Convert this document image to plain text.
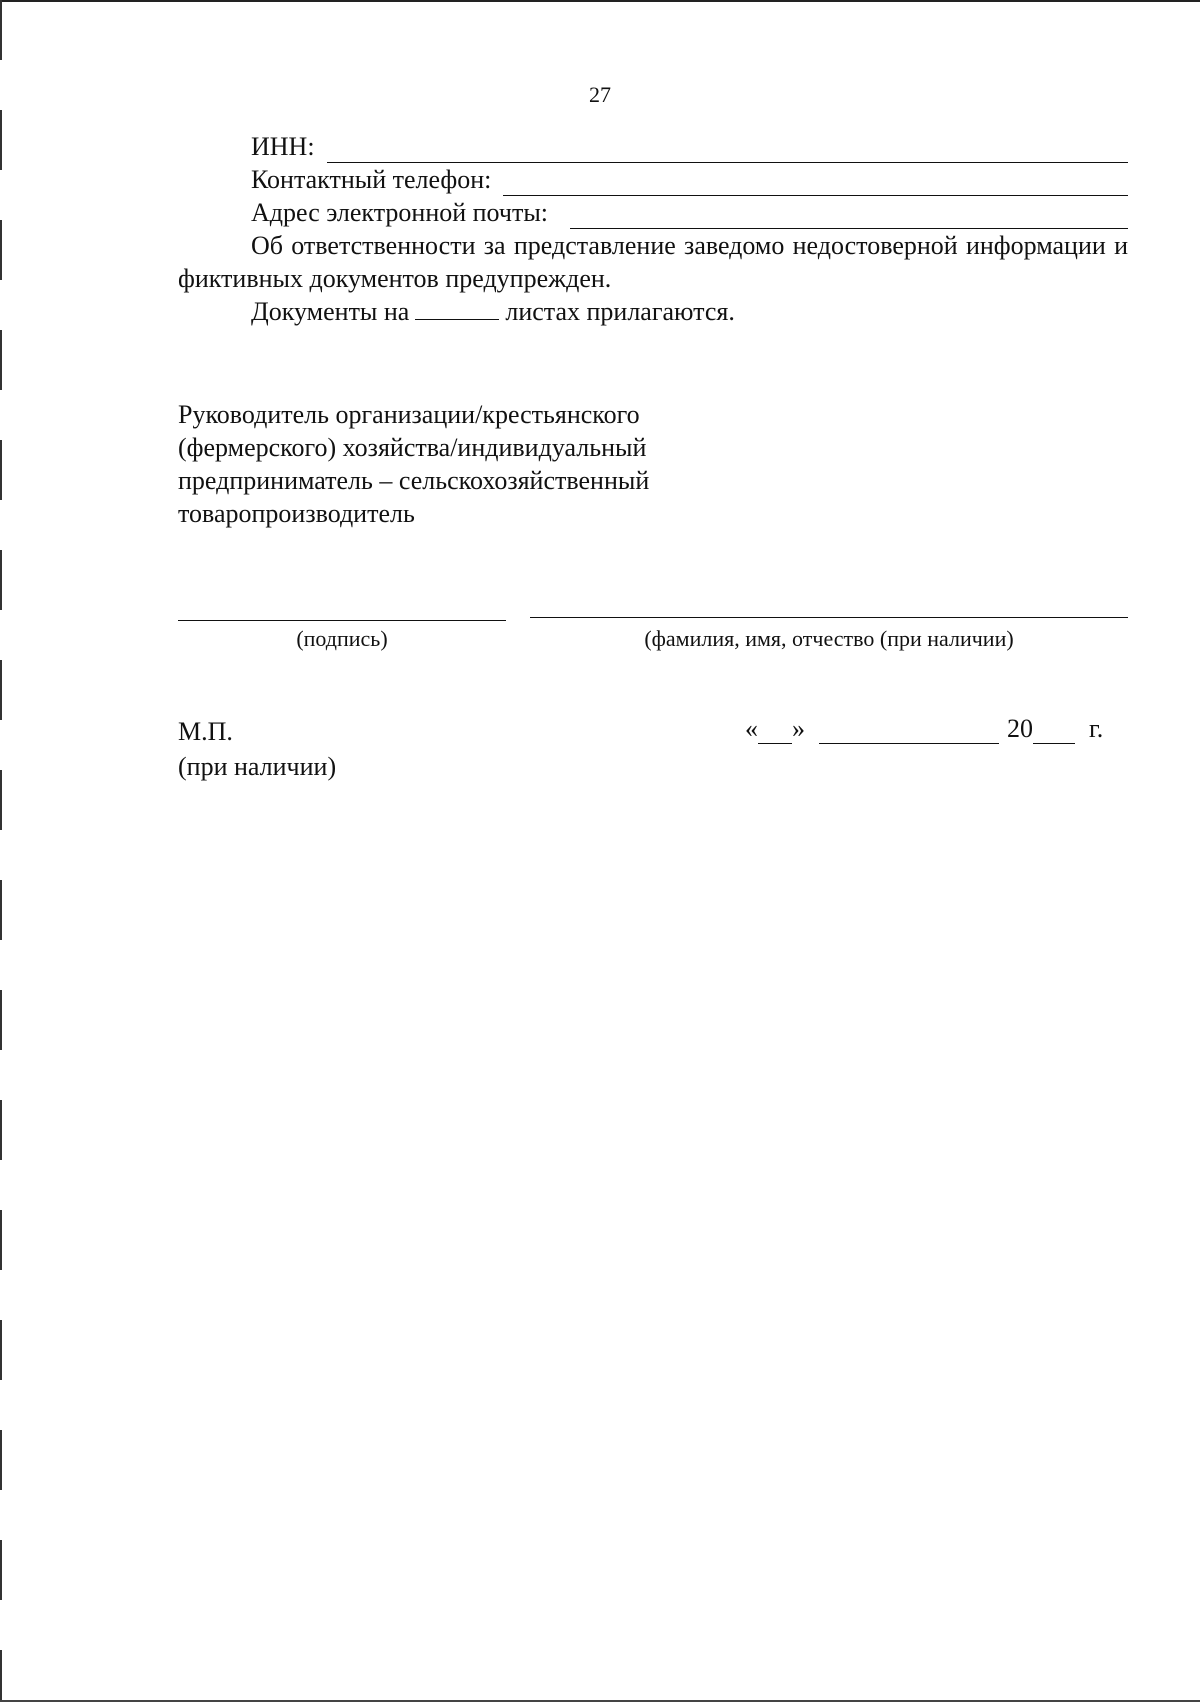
27
ИНН:
Контактный телефон:
Адрес электронной почты:
Об ответственности за представление заведомо недостоверной информации и фиктивных документов предупрежден.
Документы на	листах прилагаются.
Руководитель организации/крестьянского
(фермерского) хозяйства/индивидуальный
предприниматель – сельскохозяйственный
товаропроизводитель
(подпись)	(фамилия, имя, отчество (при наличии)
М.П.
(при наличии)
« »	20 г.
